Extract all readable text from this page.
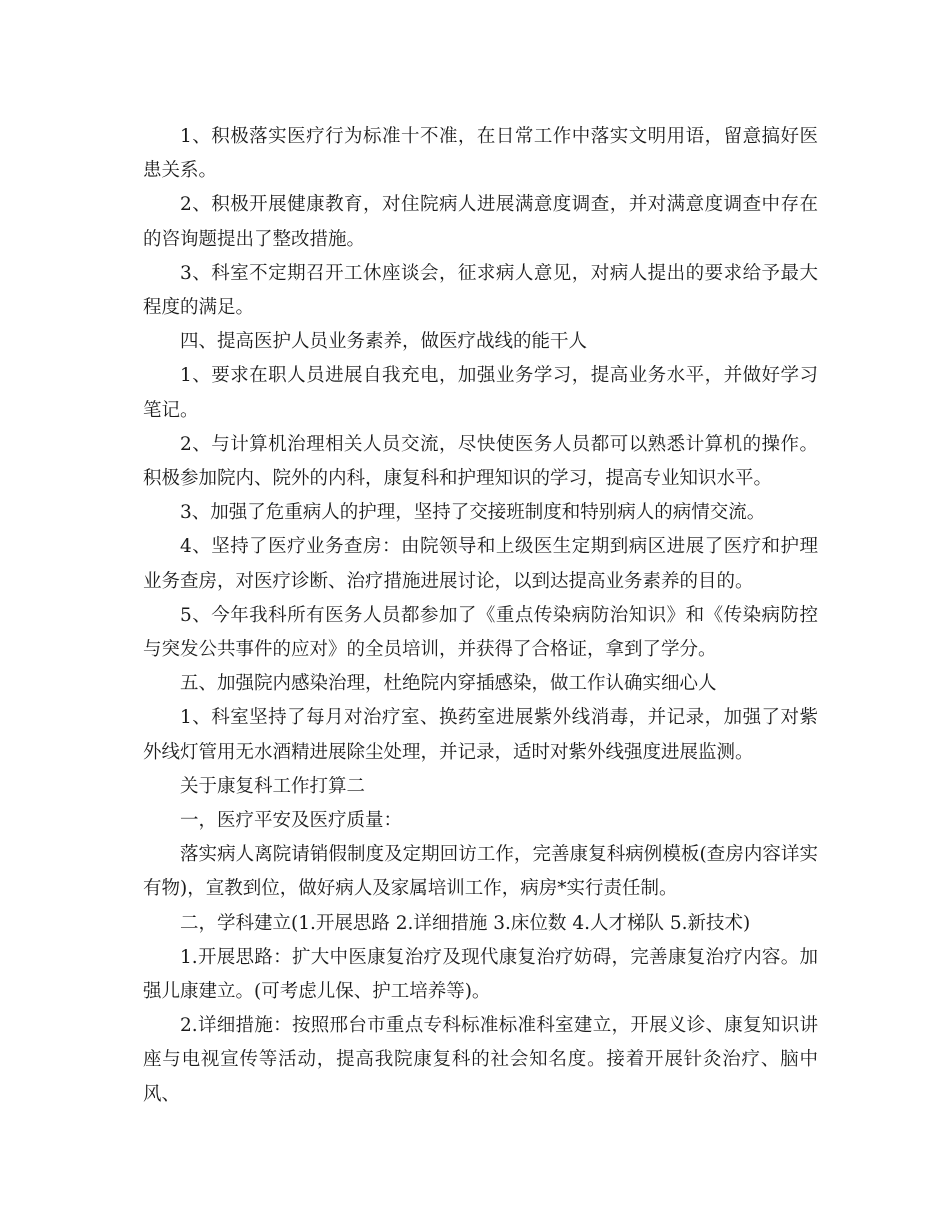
1、积极落实医疗行为标准十不准，在日常工作中落实文明用语，留意搞好医患关系。

2、积极开展健康教育，对住院病人进展满意度调查，并对满意度调查中存在的咨询题提出了整改措施。

3、科室不定期召开工休座谈会，征求病人意见，对病人提出的要求给予最大程度的满足。

四、提高医护人员业务素养，做医疗战线的能干人

1、要求在职人员进展自我充电，加强业务学习，提高业务水平，并做好学习笔记。

2、与计算机治理相关人员交流，尽快使医务人员都可以熟悉计算机的操作。积极参加院内、院外的内科，康复科和护理知识的学习，提高专业知识水平。

3、加强了危重病人的护理，坚持了交接班制度和特别病人的病情交流。

4、坚持了医疗业务查房：由院领导和上级医生定期到病区进展了医疗和护理业务查房，对医疗诊断、治疗措施进展讨论，以到达提高业务素养的目的。

5、今年我科所有医务人员都参加了《重点传染病防治知识》和《传染病防控与突发公共事件的应对》的全员培训，并获得了合格证，拿到了学分。

五、加强院内感染治理，杜绝院内穿插感染，做工作认确实细心人

1、科室坚持了每月对治疗室、换药室进展紫外线消毒，并记录，加强了对紫外线灯管用无水酒精进展除尘处理，并记录，适时对紫外线强度进展监测。

关于康复科工作打算二

一，医疗平安及医疗质量：

落实病人离院请销假制度及定期回访工作，完善康复科病例模板(查房内容详实有物)，宣教到位，做好病人及家属培训工作，病房*实行责任制。

二，学科建立(1.开展思路 2.详细措施 3.床位数 4.人才梯队 5.新技术)

1.开展思路：扩大中医康复治疗及现代康复治疗妨碍，完善康复治疗内容。加强儿康建立。(可考虑儿保、护工培养等)。

2.详细措施：按照邢台市重点专科标准标准科室建立，开展义诊、康复知识讲座与电视宣传等活动，提高我院康复科的社会知名度。接着开展针灸治疗、脑中风、
